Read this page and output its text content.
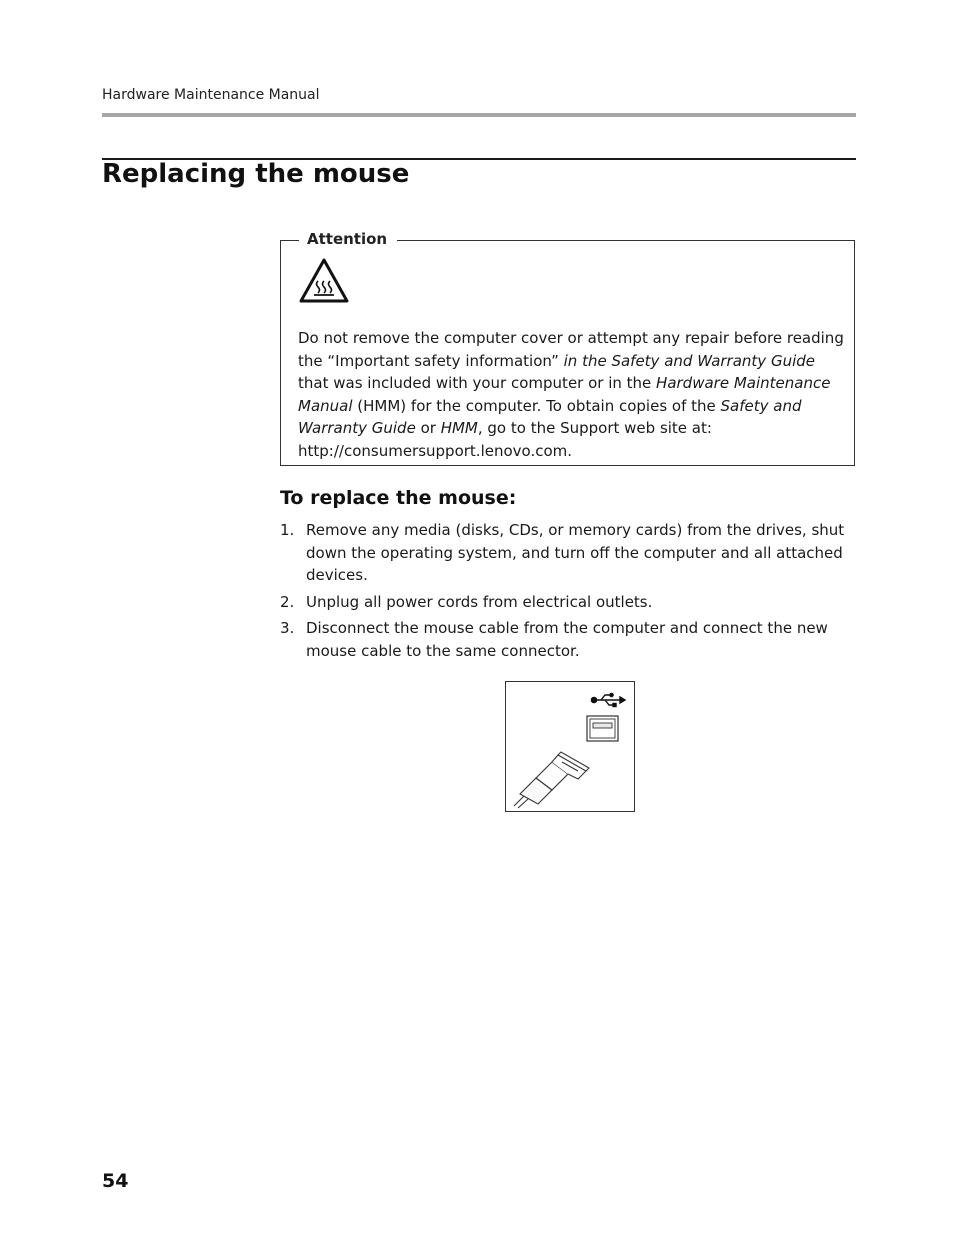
Hardware Maintenance Manual
Replacing the mouse
Attention

Do not remove the computer cover or attempt any repair before reading the “Important safety information” in the Safety and Warranty Guide that was included with your computer or in the Hardware Maintenance Manual (HMM) for the computer. To obtain copies of the Safety and Warranty Guide or HMM, go to the Support web site at: http://consumersupport.lenovo.com.

To replace the mouse:
1. Remove any media (disks, CDs, or memory cards) from the drives, shut down the operating system, and turn off the computer and all attached devices.
2. Unplug all power cords from electrical outlets.
3. Disconnect the mouse cable from the computer and connect the new mouse cable to the same connector.
54
